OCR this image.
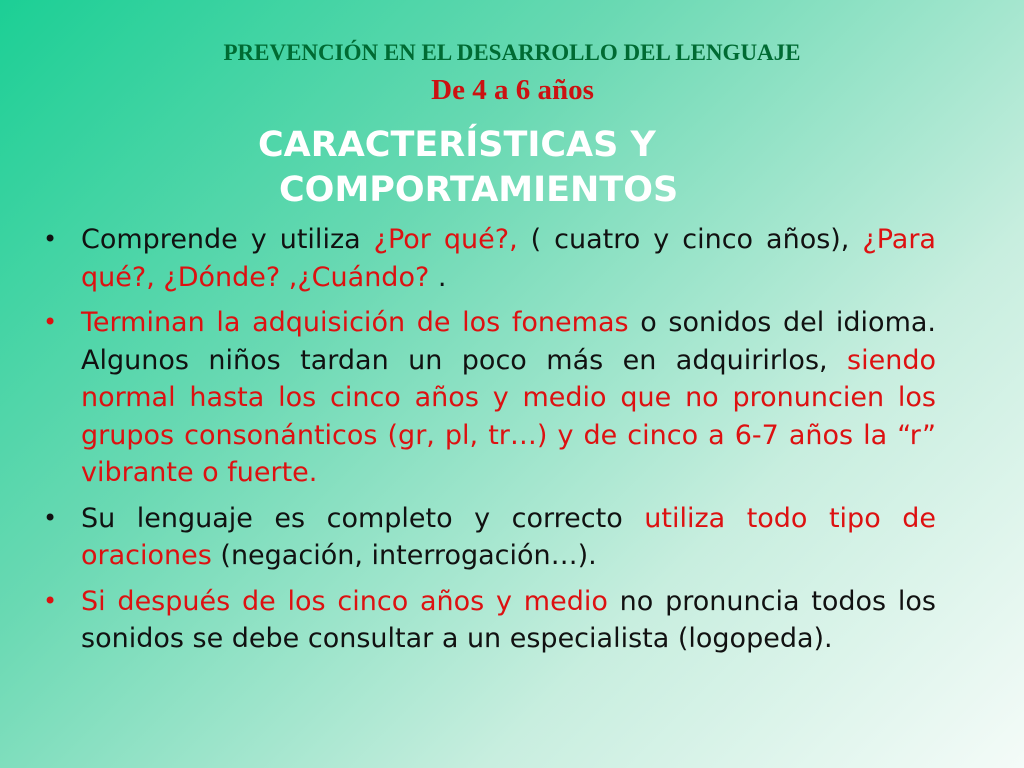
PREVENCIÓN EN EL DESARROLLO DEL LENGUAJE
De 4 a 6 años
CARACTERÍSTICAS Y
COMPORTAMIENTOS
• Comprende y utiliza ¿Por qué?, ( cuatro y cinco años), ¿Para qué?, ¿Dónde? ,¿Cuándo? .
• Terminan la adquisición de los fonemas o sonidos del idioma. Algunos niños tardan un poco más en adquirirlos, siendo normal hasta los cinco años y medio que no pronuncien los grupos consonánticos (gr, pl, tr…) y de cinco a 6-7 años la “r” vibrante o fuerte.
• Su lenguaje es completo y correcto utiliza todo tipo de oraciones (negación, interrogación…).
• Si después de los cinco años y medio no pronuncia todos los sonidos se debe consultar a un especialista (logopeda).
